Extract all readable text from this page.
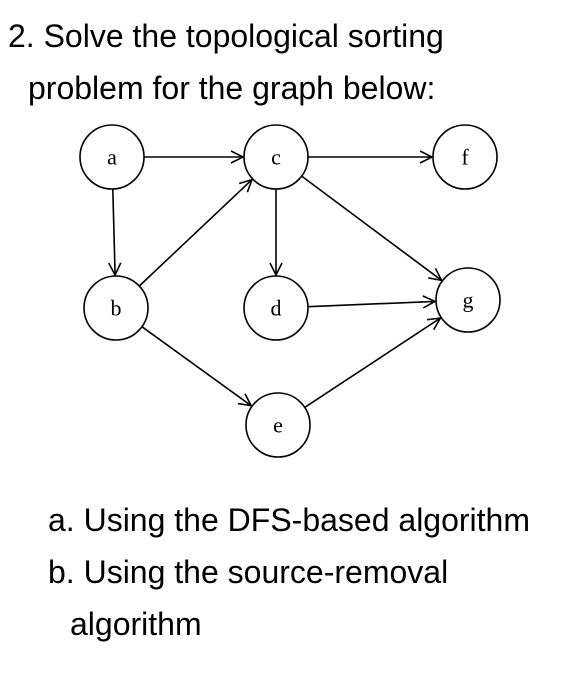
2. Solve the topological sorting
problem for the graph below:
a
b
c
d
e
f
g
a. Using the DFS-based algorithm
b. Using the source-removal
algorithm
